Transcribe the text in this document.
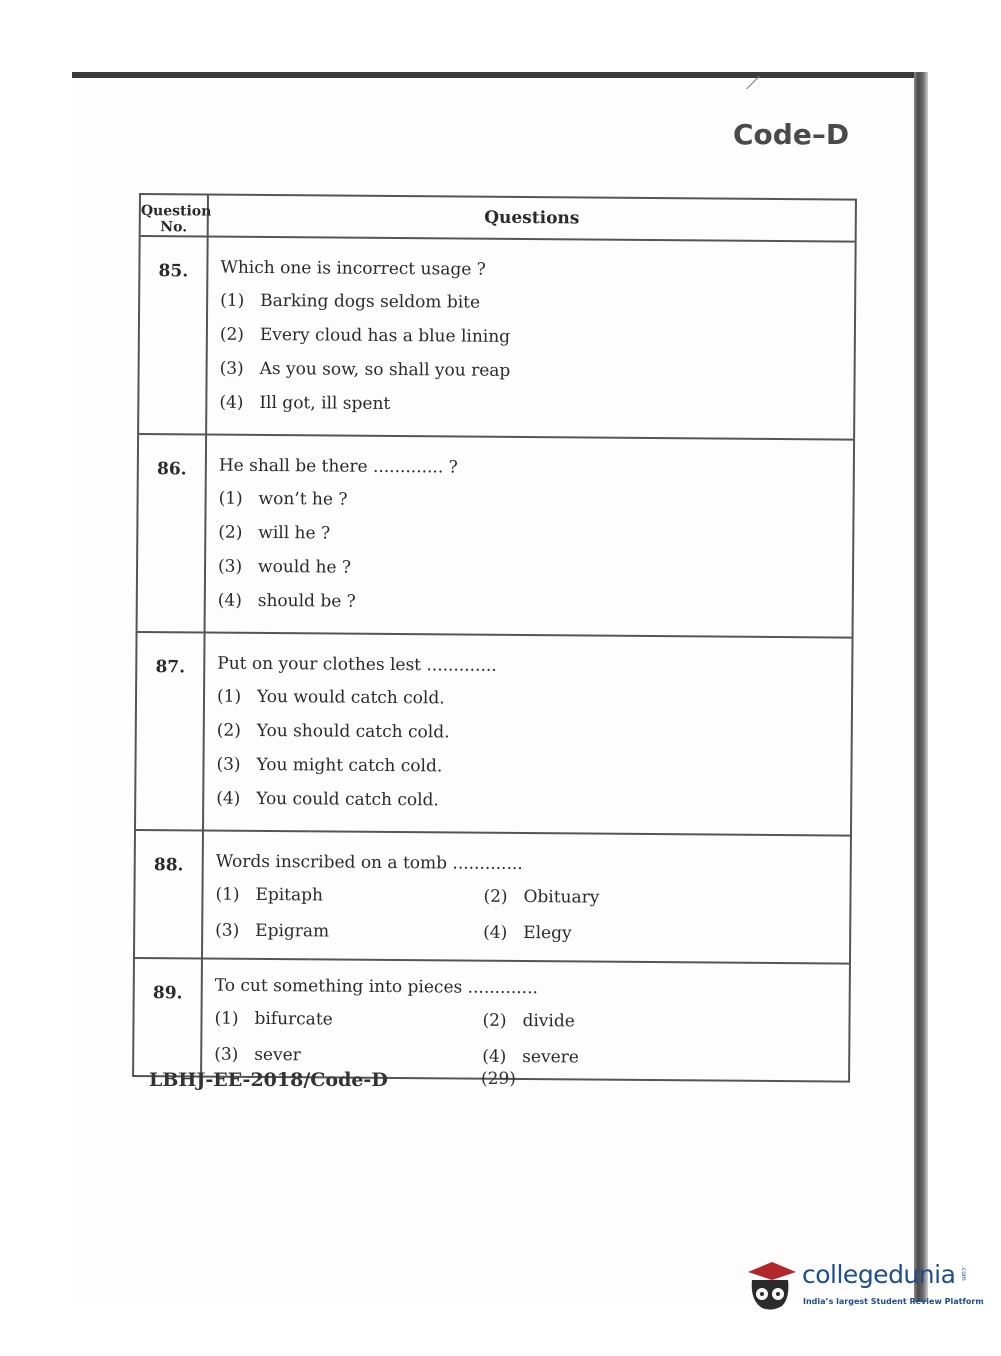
Code–D
Question No.	Questions
85.	Which one is incorrect usage ?
(1) Barking dogs seldom bite
(2) Every cloud has a blue lining
(3) As you sow, so shall you reap
(4) Ill got, ill spent
86.	He shall be there ............. ?
(1) won’t he ?
(2) will he ?
(3) would he ?
(4) should be ?
87.	Put on your clothes lest .............
(1) You would catch cold.
(2) You should catch cold.
(3) You might catch cold.
(4) You could catch cold.
88.	Words inscribed on a tomb .............
(1) Epitaph	(2) Obituary
(3) Epigram	(4) Elegy
89.	To cut something into pieces .............
(1) bifurcate	(2) divide
(3) sever	(4) severe
LBHJ-EE-2018/Code-D	(29)
collegedunia .com
India’s largest Student Review Platform
